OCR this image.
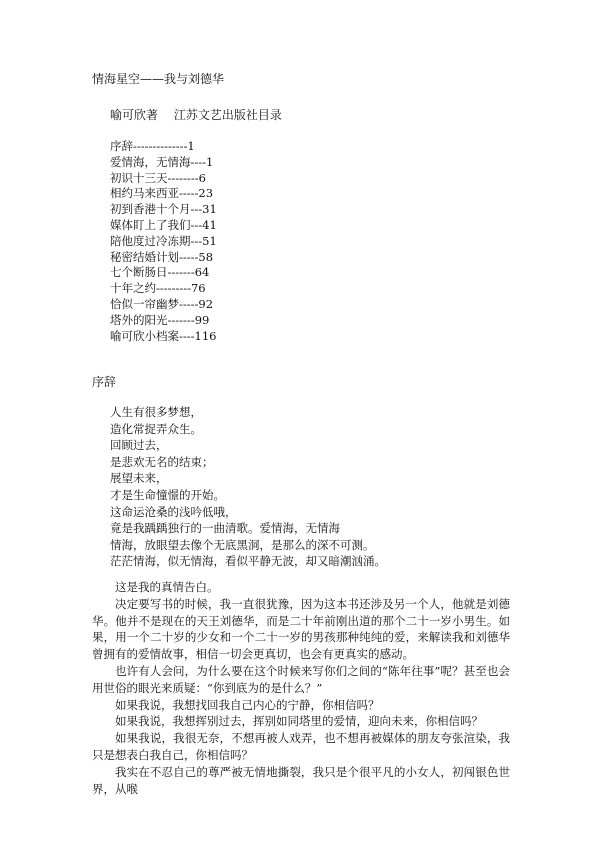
情海星空——我与刘德华
喻可欣著　 江苏文艺出版社目录
序辞--------------1
爱情海，无情海----1
初识十三天--------6
相约马来西亚-----23
初到香港十个月---31
媒体盯上了我们---41
陪他度过冷冻期---51
秘密结婚计划-----58
七个断肠日-------64
十年之约---------76
恰似一帘幽梦-----92
塔外的阳光-------99
喻可欣小档案----116
序辞
人生有很多梦想，
造化常捉弄众生。
回顾过去，
是悲欢无名的结束；
展望未来，
才是生命憧憬的开始。
这命运沧桑的浅吟低哦，
竟是我踽踽独行的一曲清歌。爱情海，无情海
情海，放眼望去像个无底黑洞，是那么的深不可测。
茫茫情海，似无情海，看似平静无波，却又暗潮汹涌。

这是我的真情告白。

决定要写书的时候，我一直很犹豫，因为这本书还涉及另一个人，他就是刘德华。他并不是现在的天王刘德华，而是二十年前刚出道的那个二十一岁小男生。如果，用一个二十岁的少女和一个二十一岁的男孩那种纯纯的爱，来解读我和刘德华曾拥有的爱情故事，相信一切会更真切，也会有更真实的感动。

也许有人会问，为什么要在这个时候来写你们之间的“陈年往事”呢？甚至也会用世俗的眼光来质疑：“你到底为的是什么？”

如果我说，我想找回我自己内心的宁静，你相信吗？

如果我说，我想挥别过去，挥别如同塔里的爱情，迎向未来，你相信吗？

如果我说，我很无奈，不想再被人戏弄，也不想再被媒体的朋友夸张渲染，我只是想表白我自己，你相信吗？

我实在不忍自己的尊严被无情地撕裂，我只是个很平凡的小女人，初闯银色世界，从喉
